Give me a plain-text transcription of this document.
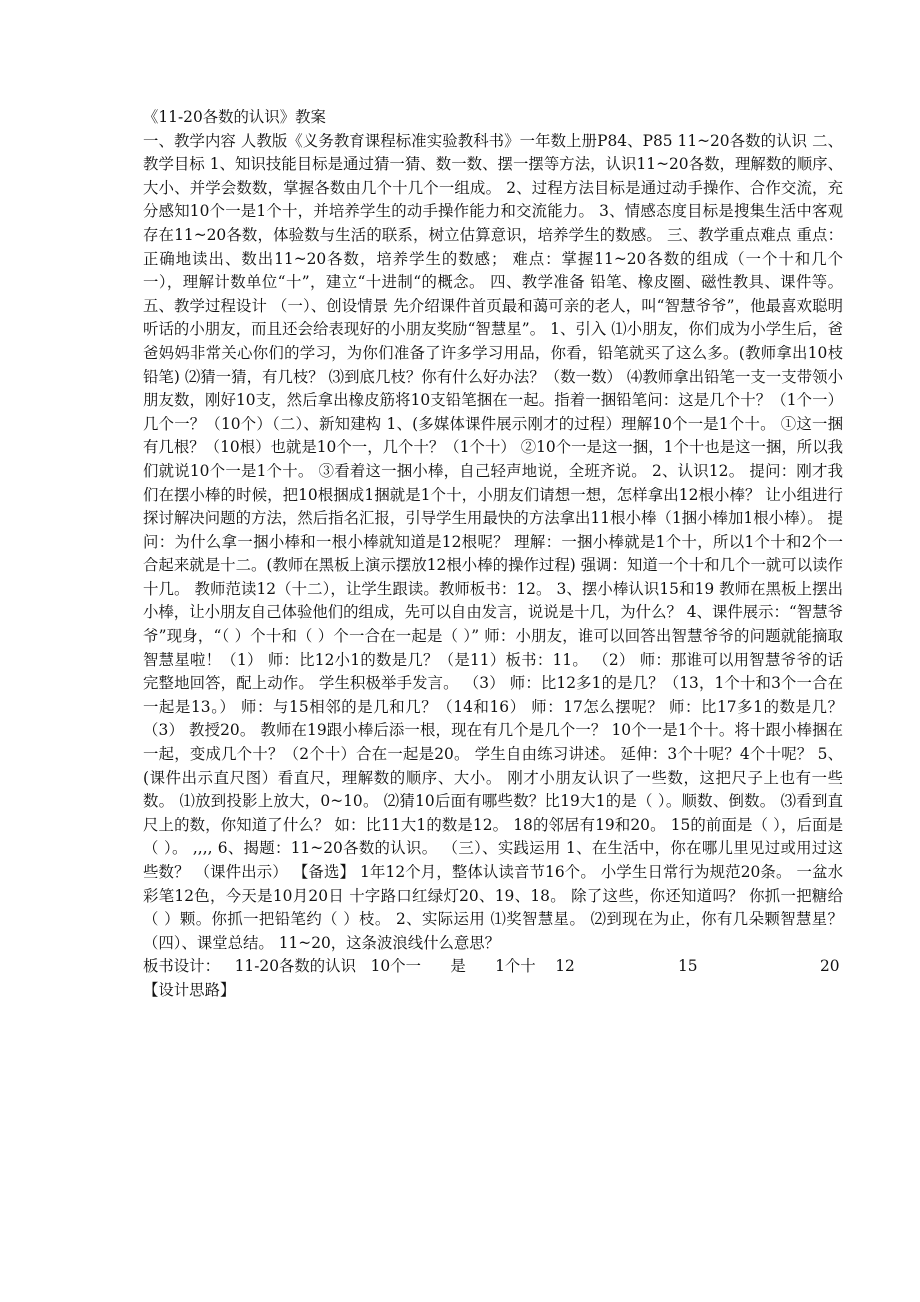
《11-20各数的认识》教案
一、教学内容 人教版《义务教育课程标准实验教科书》一年数上册P84、P85 11~20各数的认识 二、教学目标 1、知识技能目标是通过猜一猜、数一数、摆一摆等方法，认识11~20各数，理解数的顺序、大小、并学会数数，掌握各数由几个十几个一组成。 2、过程方法目标是通过动手操作、合作交流，充分感知10个一是1个十，并培养学生的动手操作能力和交流能力。 3、情感态度目标是搜集生活中客观存在11~20各数，体验数与生活的联系，树立估算意识，培养学生的数感。 三、教学重点难点 重点：正确地读出、数出11~20各数，培养学生的数感； 难点：掌握11~20各数的组成（一个十和几个一），理解计数单位“十”，建立“十进制“的概念。 四、教学准备 铅笔、橡皮圈、磁性教具、课件等。 五、教学过程设计 （一）、创设情景 先介绍课件首页最和蔼可亲的老人，叫“智慧爷爷”，他最喜欢聪明听话的小朋友，而且还会给表现好的小朋友奖励“智慧星”。 1、引入 ⑴小朋友，你们成为小学生后，爸爸妈妈非常关心你们的学习，为你们准备了许多学习用品，你看，铅笔就买了这么多。(教师拿出10枝铅笔) ⑵猜一猜，有几枝？ ⑶到底几枝？你有什么好办法？（数一数） ⑷教师拿出铅笔一支一支带领小朋友数，刚好10支，然后拿出橡皮筋将10支铅笔捆在一起。指着一捆铅笔问：这是几个十？（1个一）几个一？（10个）（二）、新知建构 1、(多媒体课件展示刚才的过程）理解10个一是1个十。 ①这一捆有几根？（10根）也就是10个一，几个十？（1个十） ②10个一是这一捆，1个十也是这一捆，所以我们就说10个一是1个十。 ③看着这一捆小棒，自己轻声地说，全班齐说。 2、认识12。 提问：刚才我们在摆小棒的时候，把10根捆成1捆就是1个十，小朋友们请想一想，怎样拿出12根小棒？ 让小组进行探讨解决问题的方法，然后指名汇报，引导学生用最快的方法拿出11根小棒（1捆小棒加1根小棒）。 提问：为什么拿一捆小棒和一根小棒就知道是12根呢？ 理解：一捆小棒就是1个十，所以1个十和2个一合起来就是十二。(教师在黑板上演示摆放12根小棒的操作过程) 强调：知道一个十和几个一就可以读作十几。 教师范读12（十二），让学生跟读。教师板书：12。 3、摆小棒认识15和19 教师在黑板上摆出小棒，让小朋友自己体验他们的组成，先可以自由发言，说说是十几，为什么？ 4、课件展示：“智慧爷爷”现身，“（ ）个十和（ ）个一合在一起是（ ）” 师：小朋友，谁可以回答出智慧爷爷的问题就能摘取智慧星啦！（1） 师：比12小1的数是几？（是11）板书：11。 （2） 师：那谁可以用智慧爷爷的话完整地回答，配上动作。 学生积极举手发言。 （3） 师：比12多1的是几？（13，1个十和3个一合在一起是13。） 师：与15相邻的是几和几？（14和16） 师：17怎么摆呢？ 师：比17多1的数是几？ （3） 教授20。 教师在19跟小棒后添一根，现在有几个是几个一？ 10个一是1个十。将十跟小棒捆在一起，变成几个十？（2个十）合在一起是20。 学生自由练习讲述。 延伸：3个十呢？4个十呢？ 5、(课件出示直尺图）看直尺，理解数的顺序、大小。 刚才小朋友认识了一些数，这把尺子上也有一些数。 ⑴放到投影上放大，0~10。 ⑵猜10后面有哪些数？比19大1的是（ ）。顺数、倒数。 ⑶看到直尺上的数，你知道了什么？ 如：比11大1的数是12。 18的邻居有19和20。 15的前面是（ ），后面是（ ）。 ,,,, 6、揭题：11~20各数的认识。 （三）、实践运用 1、在生活中，你在哪儿里见过或用过这些数？ （课件出示） 【备选】 1年12个月，整体认读音节16个。 小学生日常行为规范20条。 一盆水彩笔12色，今天是10月20日 十字路口红绿灯20、19、18。 除了这些，你还知道吗？ 你抓一把糖给（ ）颗。你抓一把铅笔约（ ）枝。 2、实际运用 ⑴奖智慧星。 ⑵到现在为止，你有几朵颗智慧星？ （四）、课堂总结。 11~20，这条波浪线什么意思？
板书设计：   11-20各数的认识   10个一      是      1个十    12	15	20
【设计思路】
